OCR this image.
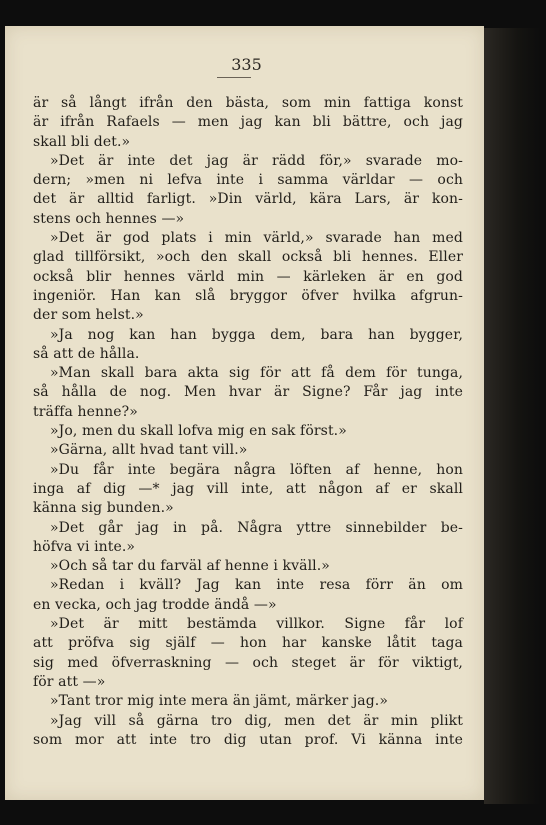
335
är så långt ifrån den bästa, som min fattiga konst
är ifrån Rafaels — men jag kan bli bättre, och jag
skall bli det.»
»Det är inte det jag är rädd för,» svarade mo-
dern; »men ni lefva inte i samma världar — och
det är alltid farligt. »Din värld, kära Lars, är kon-
stens och hennes —»
»Det är god plats i min värld,» svarade han med
glad tillförsikt, »och den skall också bli hennes. Eller
också blir hennes värld min — kärleken är en god
ingeniör. Han kan slå bryggor öfver hvilka afgrun-
der som helst.»
»Ja nog kan han bygga dem, bara han bygger,
så att de hålla.
»Man skall bara akta sig för att få dem för tunga,
så hålla de nog. Men hvar är Signe? Får jag inte
träffa henne?»
»Jo, men du skall lofva mig en sak först.»
»Gärna, allt hvad tant vill.»
»Du får inte begära några löften af henne, hon
inga af dig —* jag vill inte, att någon af er skall
känna sig bunden.»
»Det går jag in på. Några yttre sinnebilder be-
höfva vi inte.»
»Och så tar du farväl af henne i kväll.»
»Redan i kväll? Jag kan inte resa förr än om
en vecka, och jag trodde ändå —»
»Det är mitt bestämda villkor. Signe får lof
att pröfva sig själf — hon har kanske låtit taga
sig med öfverraskning — och steget är för viktigt,
för att —»
»Tant tror mig inte mera än jämt, märker jag.»
»Jag vill så gärna tro dig, men det är min plikt
som mor att inte tro dig utan prof. Vi känna inte
